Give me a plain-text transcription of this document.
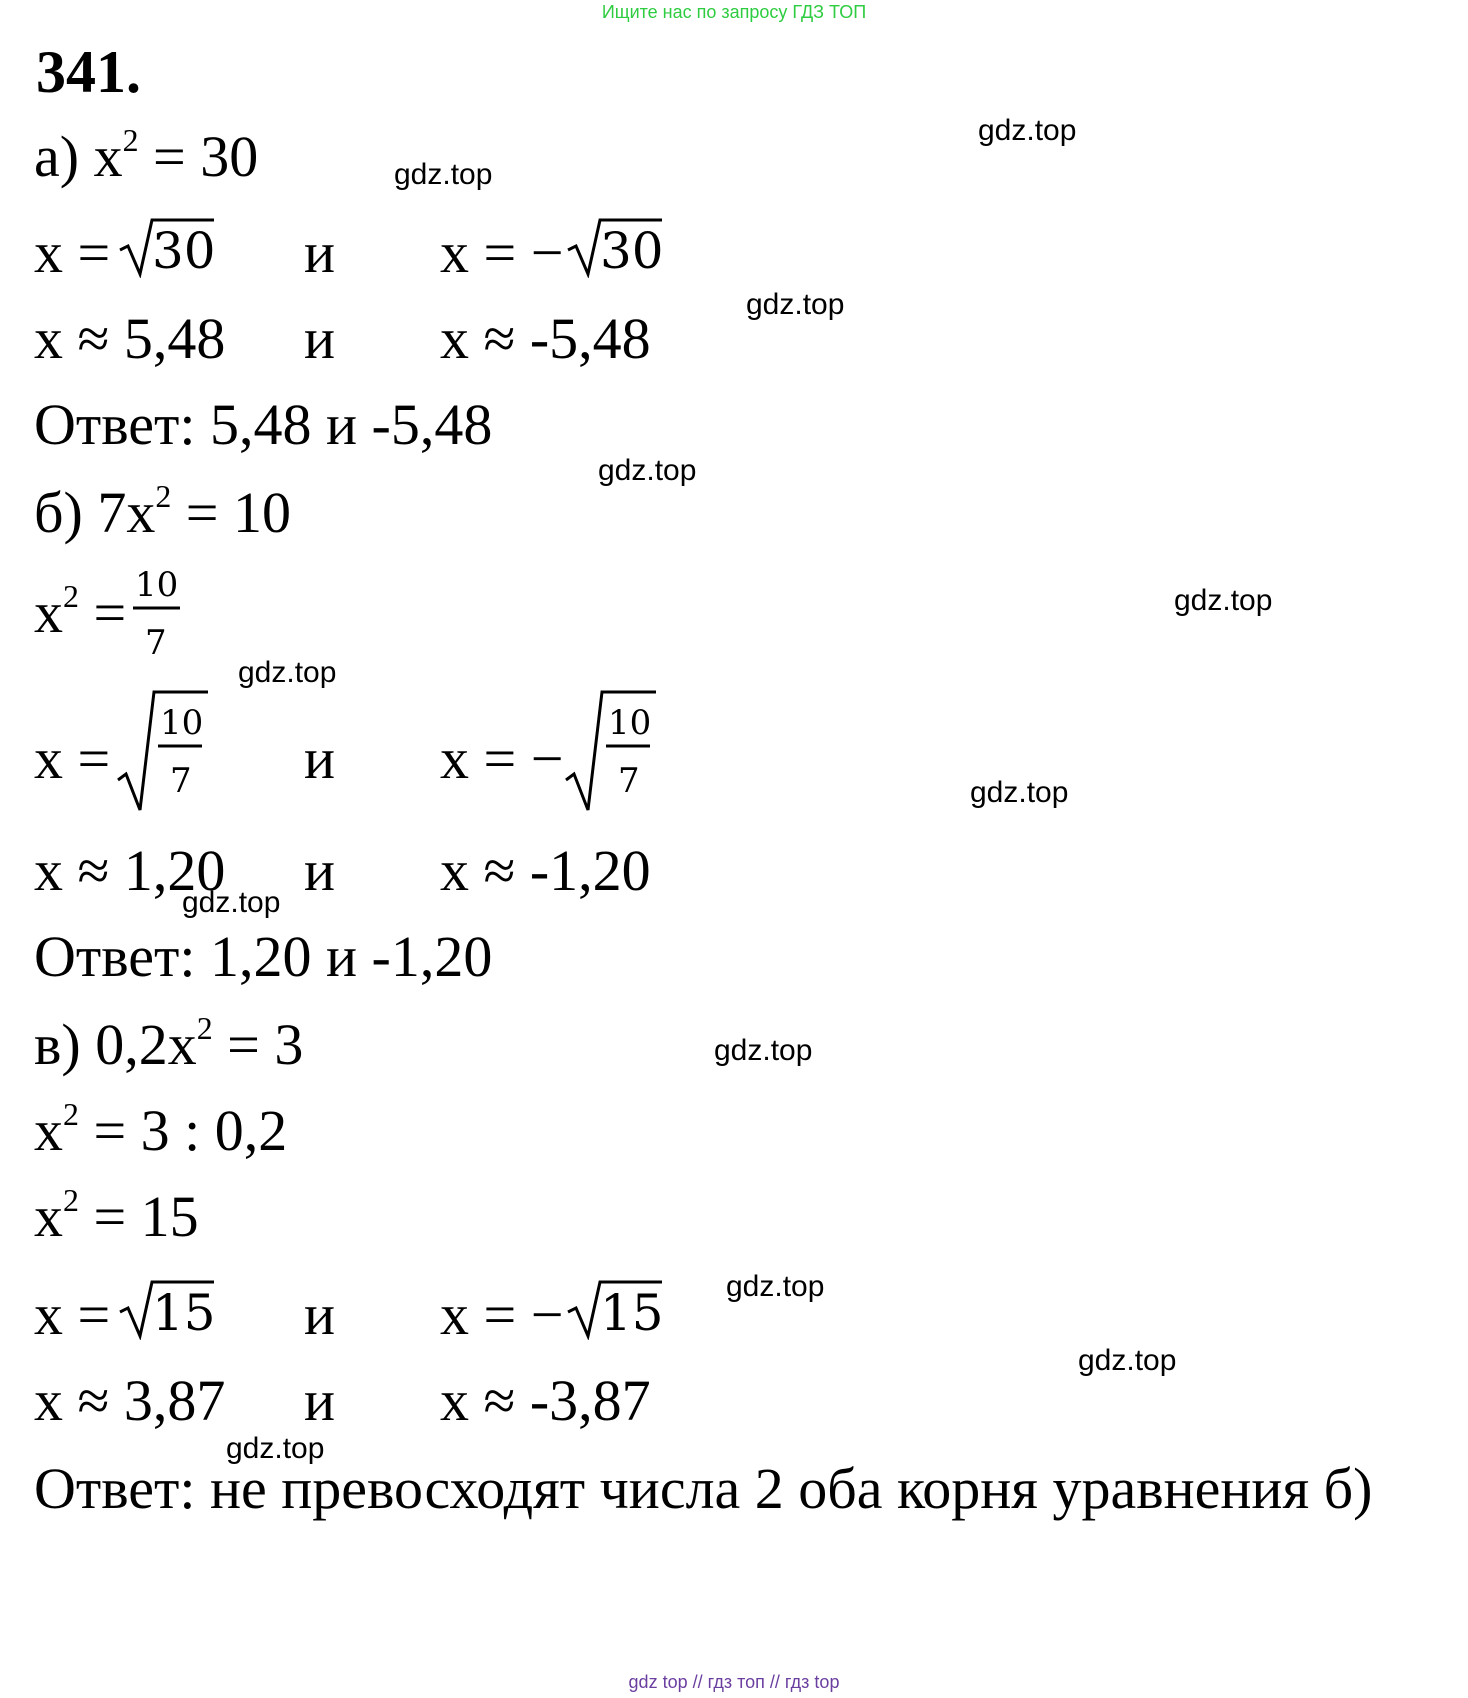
Ищите нас по запросу ГДЗ ТОП
341.
а) $x^2 = 30$
x = 30 и x = − 30
x ≈ 5,48 и x ≈ -5,48
Ответ: 5,48 и -5,48
б) $7x^2 = 10$
$x^2 = 10$
7
x =
10
7 и x = −
10
7
x ≈ 1,20 и x ≈ -1,20
Ответ: 1,20 и -1,20
в) $0,2x^2 = 3$
$x^2 = 3$ : 0,2
$x^2 = 15$
x = 15 и x = − 15
x ≈ 3,87 и x ≈ -3,87
Ответ: не превосходят числа 2 оба корня уравнения б)
gdz.top
gdz.top
gdz.top
gdz.top
gdz.top
gdz.top
gdz.top
gdz.top
gdz.top
gdz.top
gdz.top
gdz.top
gdz top // гдз топ // гдз top
